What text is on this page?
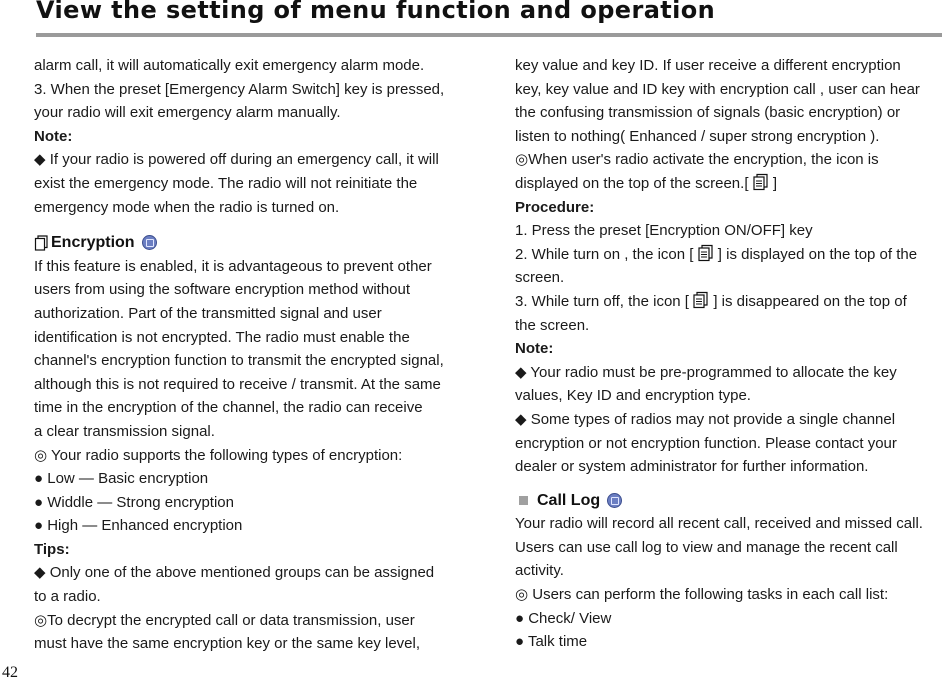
View the setting of menu function and operation
alarm call, it will automatically exit emergency alarm mode.
3. When the preset [Emergency Alarm Switch] key is pressed,
your radio will exit emergency alarm manually.
Note:
◆ If your radio is powered off during an emergency call, it will
exist the emergency mode. The radio will not reinitiate the
emergency mode when the radio is turned on.
Encryption
If this feature is enabled, it is advantageous to prevent other
users from using the software encryption method without
authorization. Part of the transmitted signal and user
identification is not encrypted. The radio must enable the
channel's encryption function to transmit the encrypted signal,
although this is not required to receive / transmit. At the same
time in the encryption of the channel, the radio can receive
a clear transmission signal.
◎ Your radio supports the following types of encryption:
● Low — Basic encryption
● Widdle — Strong encryption
● High — Enhanced encryption
Tips:
◆ Only one of the above mentioned groups can be assigned
to a radio.
◎To decrypt the encrypted call or data transmission, user
must have the same encryption key or the same key level,
key value and key ID. If user receive a different encryption
key, key value and ID key with encryption call , user can hear
the confusing transmission of signals (basic encryption) or
listen to nothing( Enhanced / super strong encryption ).
◎When user's radio activate the encryption, the icon is
displayed on the top of the screen.[ ]
Procedure:
1. Press the preset [Encryption ON/OFF] key
2. While turn on , the icon [ ] is displayed on the top of the
screen.
3. While turn off, the icon [ ] is disappeared on the top of
the screen.
Note:
◆ Your radio must be pre-programmed to allocate the key
values, Key ID and encryption type.
◆ Some types of radios may not provide a single channel
encryption or not encryption function. Please contact your
dealer or system administrator for further information.
Call Log
Your radio will record all recent call, received and missed call.
Users can use call log to view and manage the recent call
activity.
◎ Users can perform the following tasks in each call list:
● Check/ View
● Talk time
42
